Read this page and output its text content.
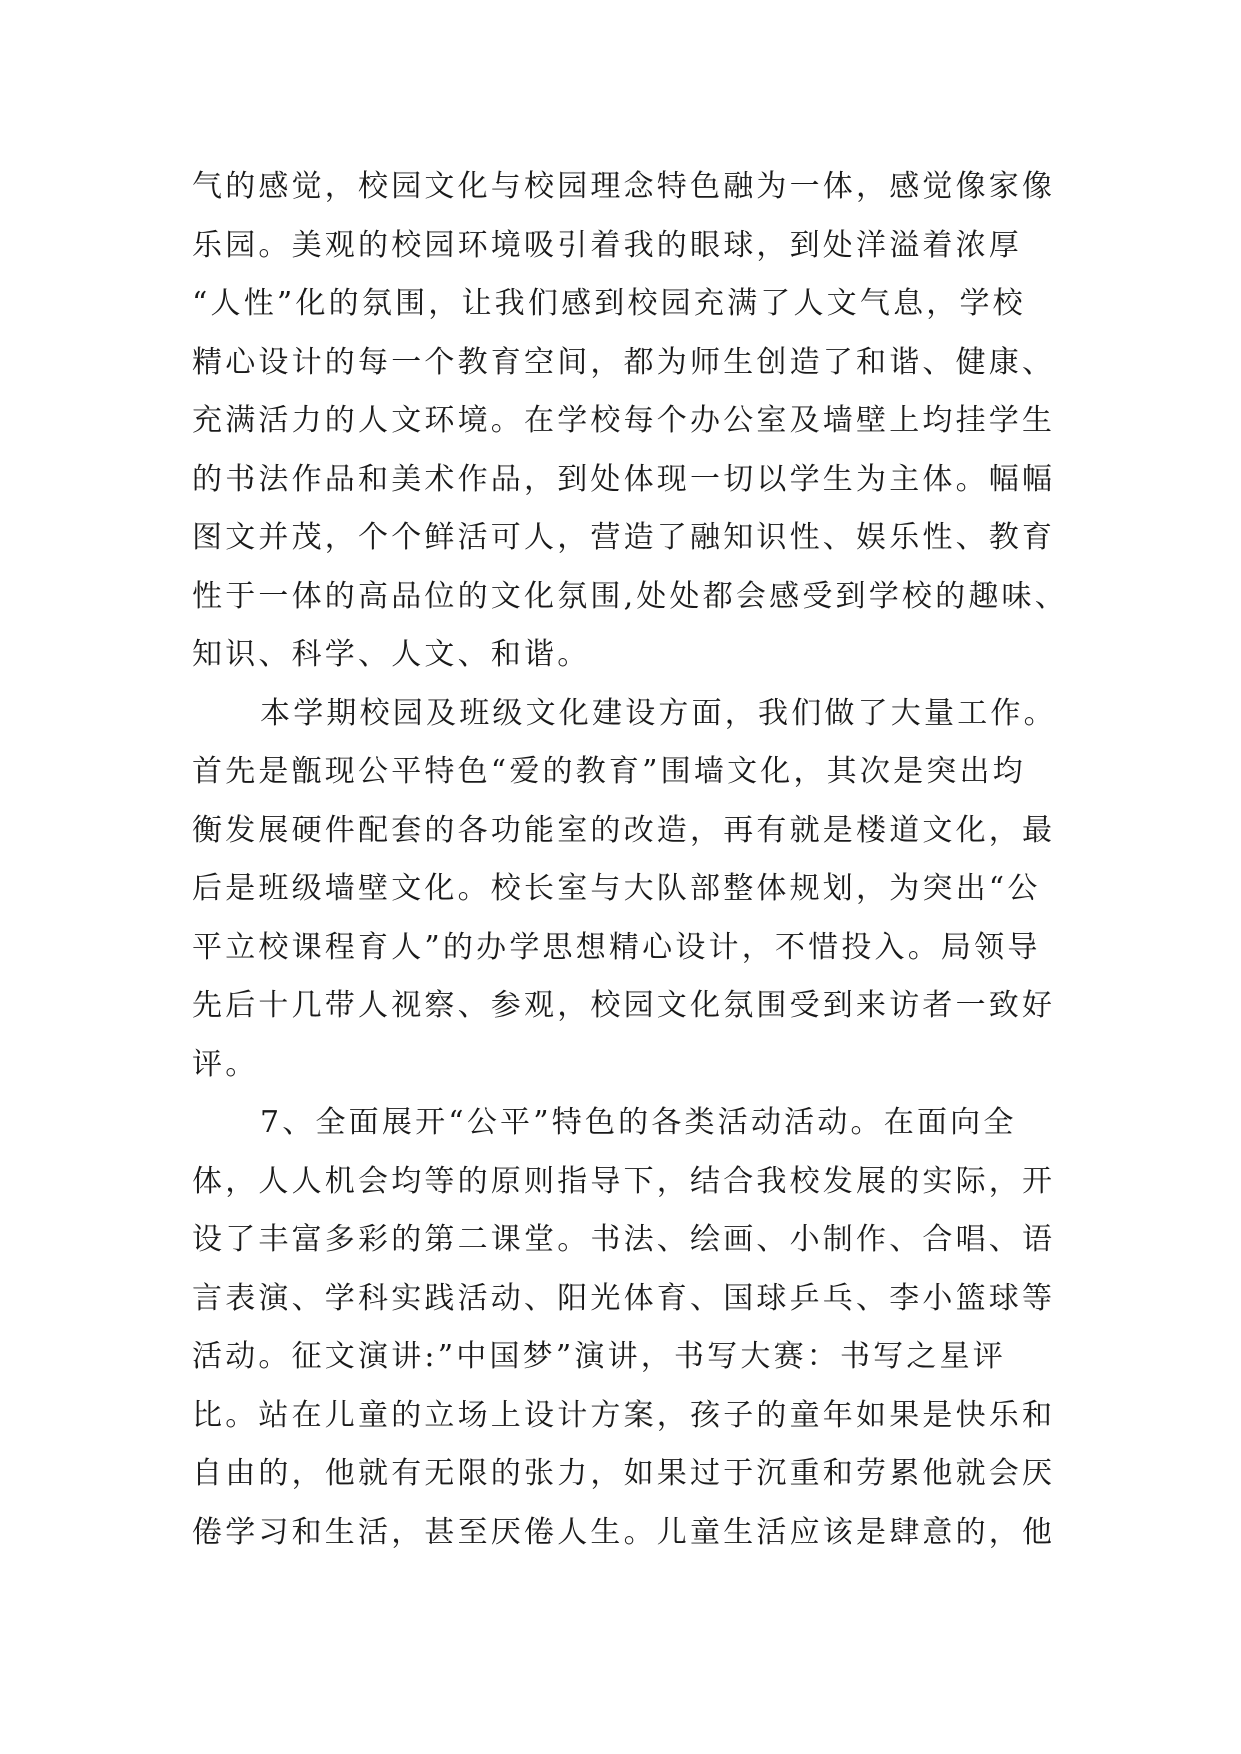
气的感觉，校园文化与校园理念特色融为一体，感觉像家像
乐园。美观的校园环境吸引着我的眼球，到处洋溢着浓厚
“人性”化的氛围，让我们感到校园充满了人文气息，学校
精心设计的每一个教育空间，都为师生创造了和谐、健康、
充满活力的人文环境。在学校每个办公室及墙壁上均挂学生
的书法作品和美术作品，到处体现一切以学生为主体。幅幅
图文并茂，个个鲜活可人，营造了融知识性、娱乐性、教育
性于一体的高品位的文化氛围,处处都会感受到学校的趣味、
知识、科学、人文、和谐。
本学期校园及班级文化建设方面，我们做了大量工作。
首先是甑现公平特色“爱的教育”围墙文化，其次是突出均
衡发展硬件配套的各功能室的改造，再有就是楼道文化，最
后是班级墙壁文化。校长室与大队部整体规划，为突出“公
平立校课程育人”的办学思想精心设计，不惜投入。局领导
先后十几带人视察、参观，校园文化氛围受到来访者一致好
评。
7、全面展开“公平”特色的各类活动活动。在面向全
体，人人机会均等的原则指导下，结合我校发展的实际，开
设了丰富多彩的第二课堂。书法、绘画、小制作、合唱、语
言表演、学科实践活动、阳光体育、国球乒乓、李小篮球等
活动。征文演讲:”中国梦”演讲，书写大赛：书写之星评
比。站在儿童的立场上设计方案，孩子的童年如果是快乐和
自由的，他就有无限的张力，如果过于沉重和劳累他就会厌
倦学习和生活，甚至厌倦人生。儿童生活应该是肆意的，他
